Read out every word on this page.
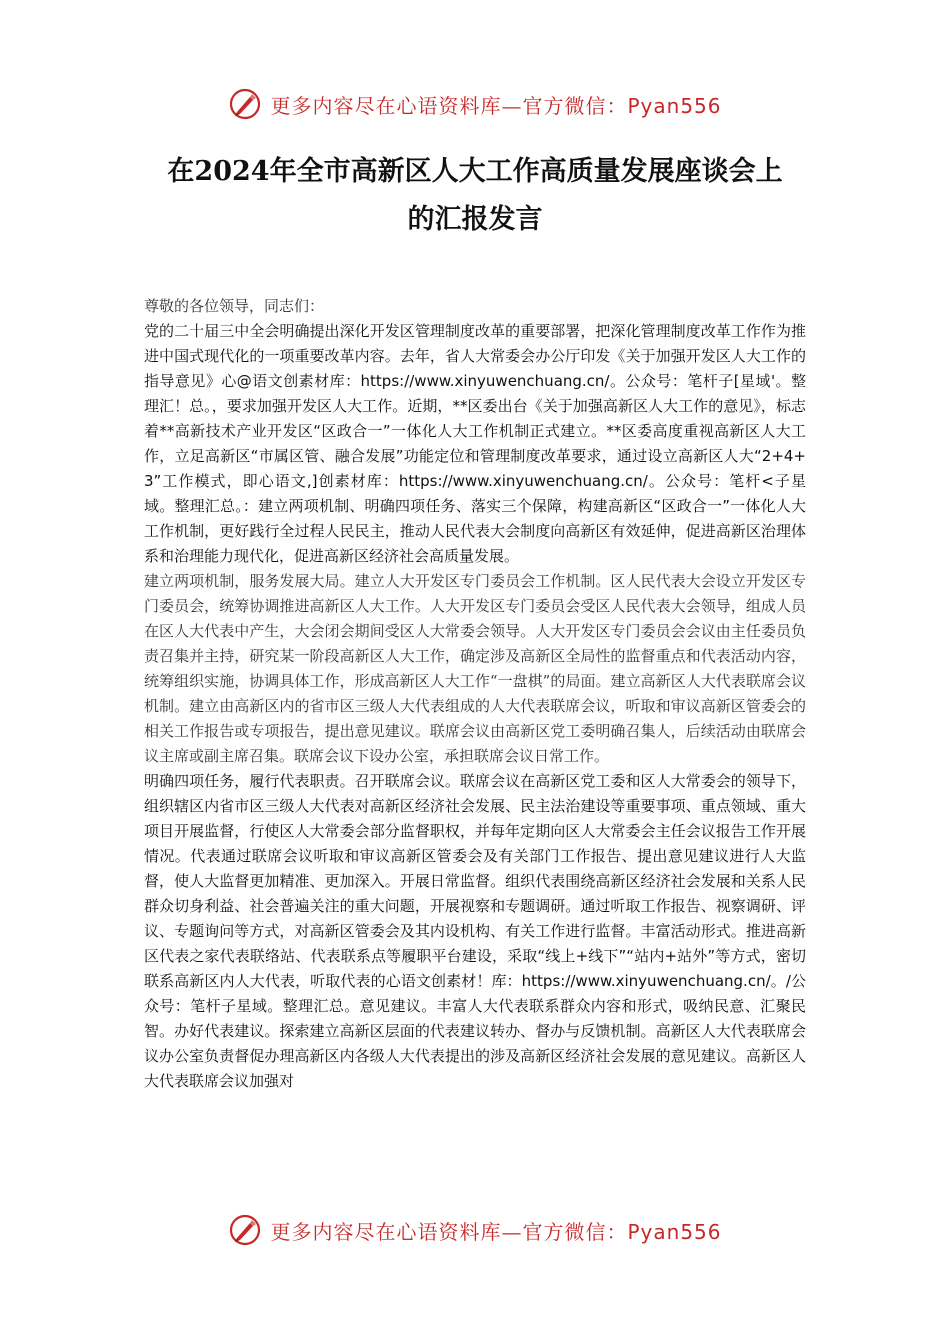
更多内容尽在心语资料库—官方微信：Pyan556
在2024年全市高新区人大工作高质量发展座谈会上
的汇报发言

尊敬的各位领导，同志们：

党的二十届三中全会明确提出深化开发区管理制度改革的重要部署，把深化管理制度改革工作作为推进中国式现代化的一项重要改革内容。去年，省人大常委会办公厅印发《关于加强开发区人大工作的指导意见》心@语文创素材库：https://www.xinyuwenchuang.cn/。公众号：笔杆子[星域'。整理汇！总。，要求加强开发区人大工作。近期，**区委出台《关于加强高新区人大工作的意见》，标志着**高新技术产业开发区“区政合一”一体化人大工作机制正式建立。**区委高度重视高新区人大工作，立足高新区“市属区管、融合发展”功能定位和管理制度改革要求，通过设立高新区人大“2+4+3”工作模式，即心语文,]创素材库：https://www.xinyuwenchuang.cn/。公众号：笔杆<子星域。整理汇总。：建立两项机制、明确四项任务、落实三个保障，构建高新区“区政合一”一体化人大工作机制，更好践行全过程人民民主，推动人民代表大会制度向高新区有效延伸，促进高新区治理体系和治理能力现代化，促进高新区经济社会高质量发展。

建立两项机制，服务发展大局。建立人大开发区专门委员会工作机制。区人民代表大会设立开发区专门委员会，统筹协调推进高新区人大工作。人大开发区专门委员会受区人民代表大会领导，组成人员在区人大代表中产生，大会闭会期间受区人大常委会领导。人大开发区专门委员会会议由主任委员负责召集并主持，研究某一阶段高新区人大工作，确定涉及高新区全局性的监督重点和代表活动内容，统筹组织实施，协调具体工作，形成高新区人大工作“一盘棋”的局面。建立高新区人大代表联席会议机制。建立由高新区内的省市区三级人大代表组成的人大代表联席会议，听取和审议高新区管委会的相关工作报告或专项报告，提出意见建议。联席会议由高新区党工委明确召集人，后续活动由联席会议主席或副主席召集。联席会议下设办公室，承担联席会议日常工作。

明确四项任务，履行代表职责。召开联席会议。联席会议在高新区党工委和区人大常委会的领导下，组织辖区内省市区三级人大代表对高新区经济社会发展、民主法治建设等重要事项、重点领域、重大项目开展监督，行使区人大常委会部分监督职权，并每年定期向区人大常委会主任会议报告工作开展情况。代表通过联席会议听取和审议高新区管委会及有关部门工作报告、提出意见建议进行人大监督，使人大监督更加精准、更加深入。开展日常监督。组织代表围绕高新区经济社会发展和关系人民群众切身利益、社会普遍关注的重大问题，开展视察和专题调研。通过听取工作报告、视察调研、评议、专题询问等方式，对高新区管委会及其内设机构、有关工作进行监督。丰富活动形式。推进高新区代表之家代表联络站、代表联系点等履职平台建设，采取“线上+线下”“站内+站外”等方式，密切联系高新区内人大代表，听取代表的心语文创素材！库：https://www.xinyuwenchuang.cn/。/公众号：笔杆子星域。整理汇总。意见建议。丰富人大代表联系群众内容和形式，吸纳民意、汇聚民智。办好代表建议。探索建立高新区层面的代表建议转办、督办与反馈机制。高新区人大代表联席会议办公室负责督促办理高新区内各级人大代表提出的涉及高新区经济社会发展的意见建议。高新区人大代表联席会议加强对

更多内容尽在心语资料库—官方微信：Pyan556
